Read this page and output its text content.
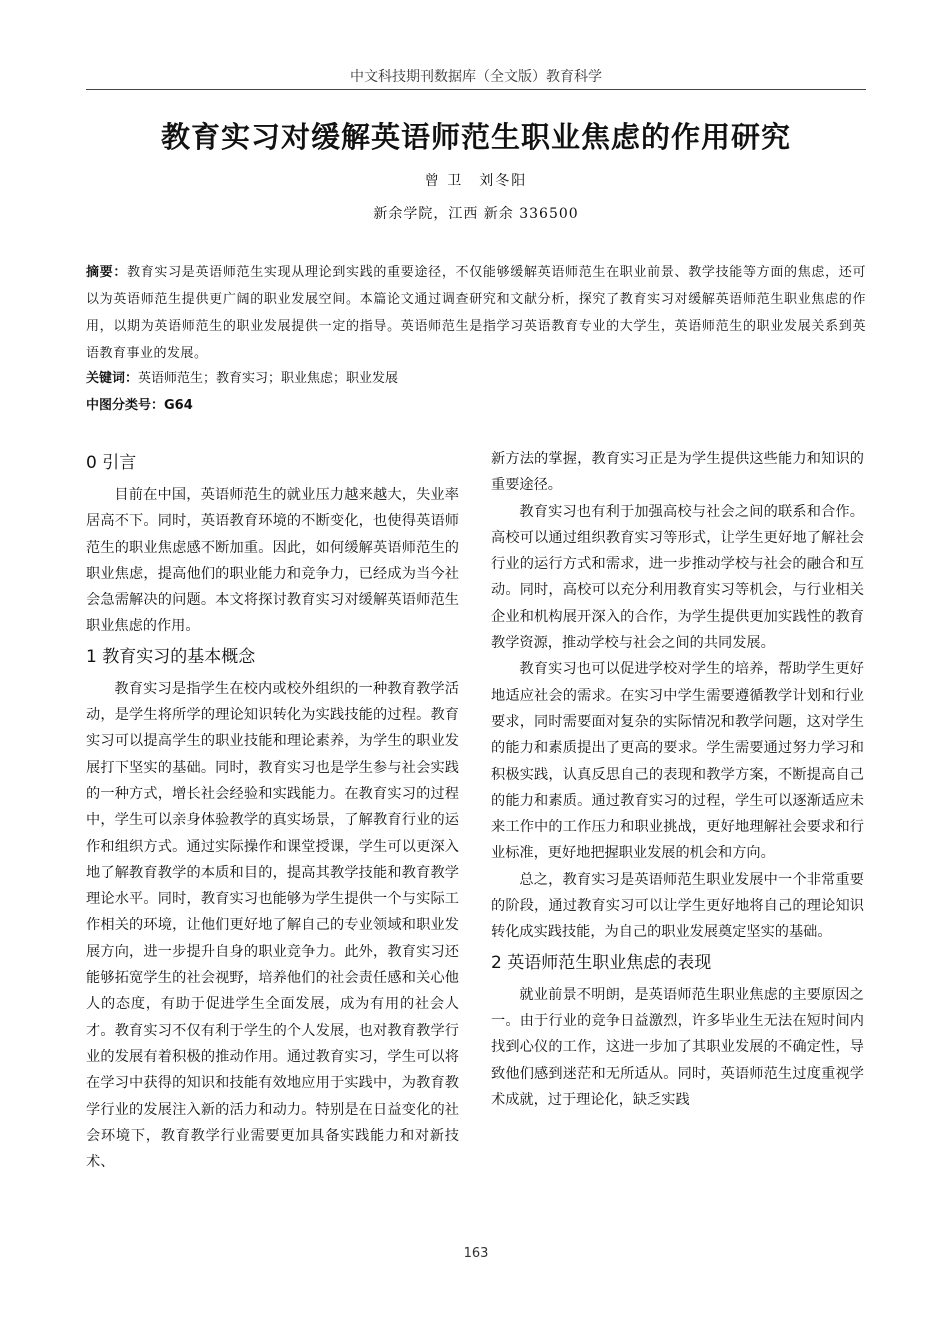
中文科技期刊数据库（全文版）教育科学
教育实习对缓解英语师范生职业焦虑的作用研究
曾 卫　刘冬阳
新余学院，江西 新余 336500
摘要：教育实习是英语师范生实现从理论到实践的重要途径，不仅能够缓解英语师范生在职业前景、教学技能等方面的焦虑，还可以为英语师范生提供更广阔的职业发展空间。本篇论文通过调查研究和文献分析，探究了教育实习对缓解英语师范生职业焦虑的作用，以期为英语师范生的职业发展提供一定的指导。英语师范生是指学习英语教育专业的大学生，英语师范生的职业发展关系到英语教育事业的发展。
关键词：英语师范生；教育实习；职业焦虑；职业发展
中图分类号：G64
0 引言

目前在中国，英语师范生的就业压力越来越大，失业率居高不下。同时，英语教育环境的不断变化，也使得英语师范生的职业焦虑感不断加重。因此，如何缓解英语师范生的职业焦虑，提高他们的职业能力和竞争力，已经成为当今社会急需解决的问题。本文将探讨教育实习对缓解英语师范生职业焦虑的作用。

1 教育实习的基本概念

教育实习是指学生在校内或校外组织的一种教育教学活动，是学生将所学的理论知识转化为实践技能的过程。教育实习可以提高学生的职业技能和理论素养，为学生的职业发展打下坚实的基础。同时，教育实习也是学生参与社会实践的一种方式，增长社会经验和实践能力。在教育实习的过程中，学生可以亲身体验教学的真实场景，了解教育行业的运作和组织方式。通过实际操作和课堂授课，学生可以更深入地了解教育教学的本质和目的，提高其教学技能和教育教学理论水平。同时，教育实习也能够为学生提供一个与实际工作相关的环境，让他们更好地了解自己的专业领域和职业发展方向，进一步提升自身的职业竞争力。此外，教育实习还能够拓宽学生的社会视野，培养他们的社会责任感和关心他人的态度，有助于促进学生全面发展，成为有用的社会人才。教育实习不仅有利于学生的个人发展，也对教育教学行业的发展有着积极的推动作用。通过教育实习，学生可以将在学习中获得的知识和技能有效地应用于实践中，为教育教学行业的发展注入新的活力和动力。特别是在日益变化的社会环境下，教育教学行业需要更加具备实践能力和对新技术、

新方法的掌握，教育实习正是为学生提供这些能力和知识的重要途径。

教育实习也有利于加强高校与社会之间的联系和合作。高校可以通过组织教育实习等形式，让学生更好地了解社会行业的运行方式和需求，进一步推动学校与社会的融合和互动。同时，高校可以充分利用教育实习等机会，与行业相关企业和机构展开深入的合作，为学生提供更加实践性的教育教学资源，推动学校与社会之间的共同发展。

教育实习也可以促进学校对学生的培养，帮助学生更好地适应社会的需求。在实习中学生需要遵循教学计划和行业要求，同时需要面对复杂的实际情况和教学问题，这对学生的能力和素质提出了更高的要求。学生需要通过努力学习和积极实践，认真反思自己的表现和教学方案，不断提高自己的能力和素质。通过教育实习的过程，学生可以逐渐适应未来工作中的工作压力和职业挑战，更好地理解社会要求和行业标准，更好地把握职业发展的机会和方向。

总之，教育实习是英语师范生职业发展中一个非常重要的阶段，通过教育实习可以让学生更好地将自己的理论知识转化成实践技能，为自己的职业发展奠定坚实的基础。

2 英语师范生职业焦虑的表现

就业前景不明朗，是英语师范生职业焦虑的主要原因之一。由于行业的竞争日益激烈，许多毕业生无法在短时间内找到心仪的工作，这进一步加了其职业发展的不确定性，导致他们感到迷茫和无所适从。同时，英语师范生过度重视学术成就，过于理论化，缺乏实践

163
